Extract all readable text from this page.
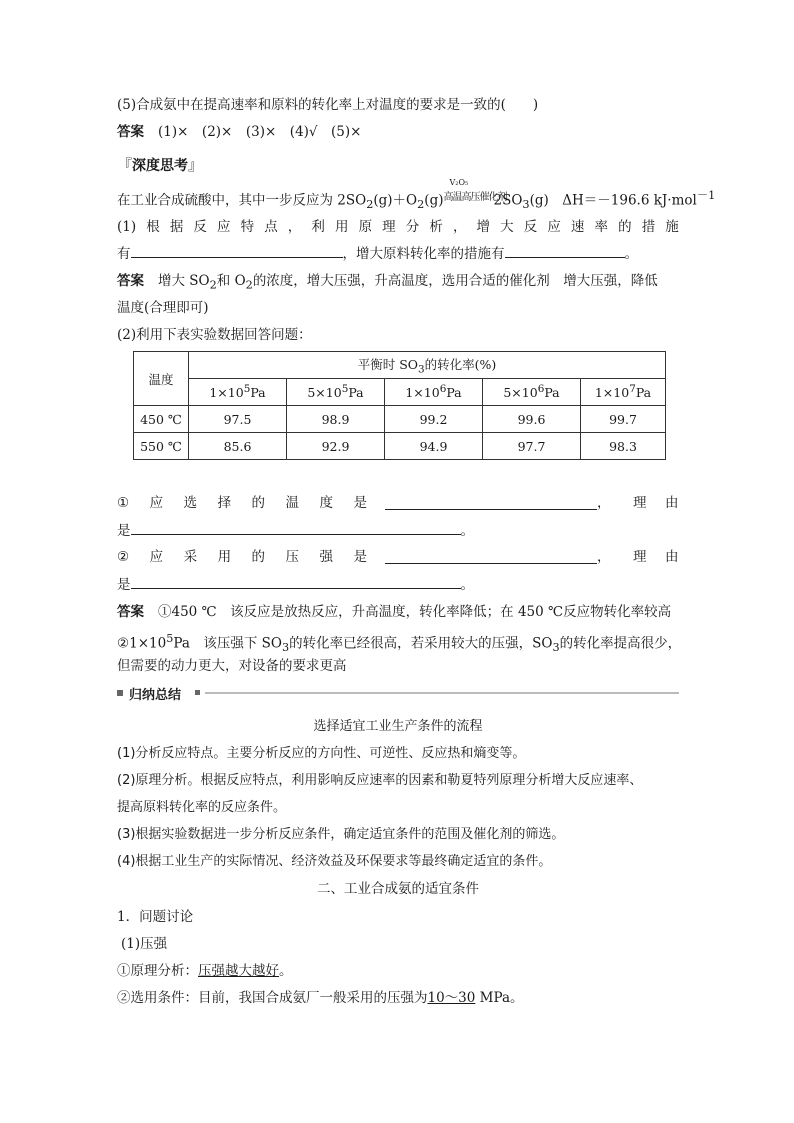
(5)合成氨中在提高速率和原料的转化率上对温度的要求是一致的(　　)
答案 (1)×　(2)×　(3)×　(4)√　(5)×
『深度思考』
在工业合成硫酸中，其中一步反应为 $2SO_2(g)+O_2(g)$
V₂O₅
高温高压催化剂
$2SO_3(g)$　ΔH＝－196.6 kJ·mol$^{-1}$
(1) 根 据 反 应 特 点 ， 利 用 原 理 分 析 ， 增 大 反 应 速 率 的 措 施
有	，增大原料转化率的措施有	。
答案 增大 $SO_2$和 $O_2$的浓度，增大压强，升高温度，选用合适的催化剂　增大压强，降低
温度(合理即可)
(2)利用下表实验数据回答问题：
温度	平衡时 $SO_3$的转化率(%)				
	$1\times 10^5Pa$	$5\times 10^5Pa$	$1\times 10^6Pa$	$5\times 10^6Pa$	$1\times 10^7Pa$
450 ℃	97.5	98.9	99.2	99.6	99.7
550 ℃	85.6	92.9	94.9	97.7	98.3
① 应 选 择 的 温 度 是	， 理 由
是	。
② 应 采 用 的 压 强 是	， 理 由
是	。
答案 ①450 ℃　该反应是放热反应，升高温度，转化率降低；在 450 ℃反应物转化率较高
$②1\times 10^5Pa$　该压强下 $SO_3$的转化率已经很高，若采用较大的压强，$SO_3$的转化率提高很少，
但需要的动力更大，对设备的要求更高
归纳总结
选择适宜工业生产条件的流程
(1)分析反应特点。主要分析反应的方向性、可逆性、反应热和熵变等。
(2)原理分析。根据反应特点，利用影响反应速率的因素和勒夏特列原理分析增大反应速率、
提高原料转化率的反应条件。
(3)根据实验数据进一步分析反应条件，确定适宜条件的范围及催化剂的筛选。
(4)根据工业生产的实际情况、经济效益及环保要求等最终确定适宜的条件。
二、工业合成氨的适宜条件
1．问题讨论
(1)压强
①原理分析：压强越大越好。
②选用条件：目前，我国合成氨厂一般采用的压强为10～30 MPa。
